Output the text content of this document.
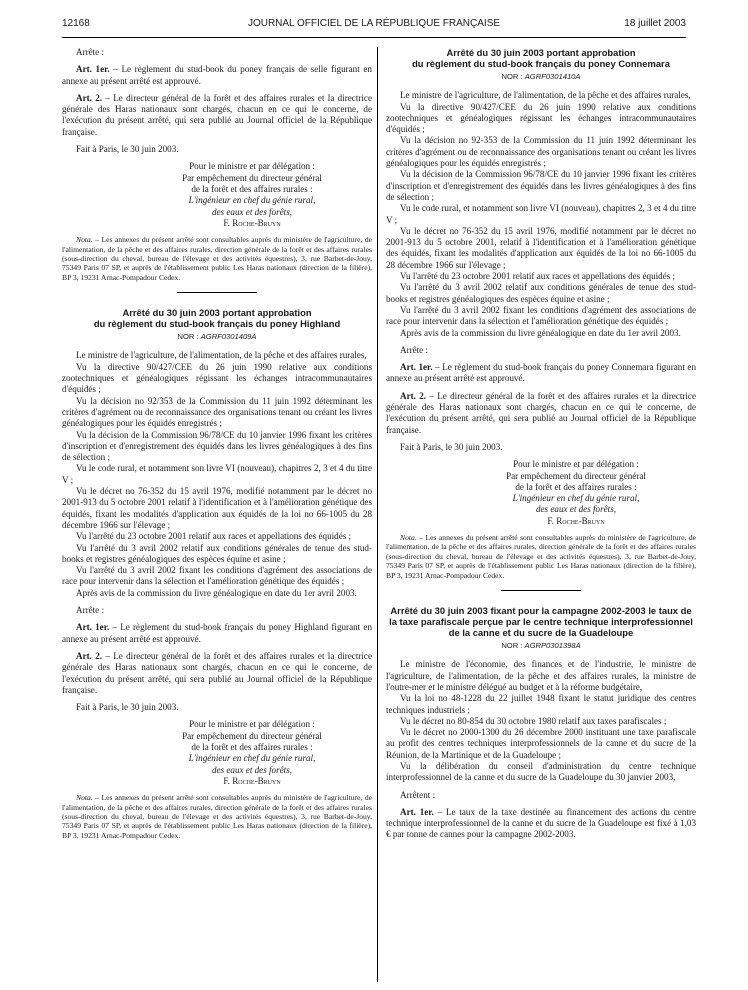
12168	JOURNAL OFFICIEL DE LA RÉPUBLIQUE FRANÇAISE	18 juillet 2003

Arrête :

Art. 1er. – Le règlement du stud-book du poney français de selle figurant en annexe au présent arrêté est approuvé.

Art. 2. – Le directeur général de la forêt et des affaires rurales et la directrice générale des Haras nationaux sont chargés, chacun en ce qui le concerne, de l'exécution du présent arrêté, qui sera publié au Journal officiel de la République française.

Fait à Paris, le 30 juin 2003.

Pour le ministre et par délégation :

Par empêchement du directeur général

de la forêt et des affaires rurales :

L'ingénieur en chef du génie rural,

des eaux et des forêts,

F. Roche-Bruyn

Nota. – Les annexes du présent arrêté sont consultables auprès du ministère de l'agriculture, de l'alimentation, de la pêche et des affaires rurales, direction générale de la forêt et des affaires rurales (sous-direction du cheval, bureau de l'élevage et des activités équestres), 3, rue Barbet-de-Jouy, 75349 Paris 07 SP, et auprès de l'établissement public Les Haras nationaux (direction de la filière), BP 3, 19231 Arnac-Pompadour Cedex.

Arrêté du 30 juin 2003 portant approbation

du règlement du stud-book français du poney Highland

NOR : AGRF0301409A

Le ministre de l'agriculture, de l'alimentation, de la pêche et des affaires rurales,

Vu la directive 90/427/CEE du 26 juin 1990 relative aux conditions zootechniques et généalogiques régissant les échanges intracommunautaires d'équidés ;

Vu la décision no 92/353 de la Commission du 11 juin 1992 déterminant les critères d'agrément ou de reconnaissance des organisations tenant ou créant les livres généalogiques pour les équidés enregistrés ;

Vu la décision de la Commission 96/78/CE du 10 janvier 1996 fixant les critères d'inscription et d'enregistrement des équidés dans les livres généalogiques à des fins de sélection ;

Vu le code rural, et notamment son livre VI (nouveau), chapitres 2, 3 et 4 du titre V ;

Vu le décret no 76-352 du 15 avril 1976, modifié notamment par le décret no 2001-913 du 5 octobre 2001 relatif à l'identification et à l'amélioration génétique des équidés, fixant les modalités d'application aux équidés de la loi no 66-1005 du 28 décembre 1966 sur l'élevage ;

Vu l'arrêté du 23 octobre 2001 relatif aux races et appellations des équidés ;

Vu l'arrêté du 3 avril 2002 relatif aux conditions générales de tenue des stud-books et registres généalogiques des espèces équine et asine ;

Vu l'arrêté du 3 avril 2002 fixant les conditions d'agrément des associations de race pour intervenir dans la sélection et l'amélioration génétique des équidés ;

Après avis de la commission du livre généalogique en date du 1er avril 2003.

Arrête :

Art. 1er. – Le règlement du stud-book français du poney Highland figurant en annexe au présent arrêté est approuvé.

Art. 2. – Le directeur général de la forêt et des affaires rurales et la directrice générale des Haras nationaux sont chargés, chacun en ce qui le concerne, de l'exécution du présent arrêté, qui sera publié au Journal officiel de la République française.

Fait à Paris, le 30 juin 2003.

Pour le ministre et par délégation :

Par empêchement du directeur général

de la forêt et des affaires rurales :

L'ingénieur en chef du génie rural,

des eaux et des forêts,

F. Roche-Bruyn

Nota. – Les annexes du présent arrêté sont consultables auprès du ministère de l'agriculture, de l'alimentation, de la pêche et des affaires rurales, direction générale de la forêt et des affaires rurales (sous-direction du cheval, bureau de l'élevage et des activités équestres), 3, rue Barbet-de-Jouy, 75349 Paris 07 SP, et auprès de l'établissement public Les Haras nationaux (direction de la filière), BP 3, 19231 Arnac-Pompadour Cedex.

Arrêté du 30 juin 2003 portant approbation

du règlement du stud-book français du poney Connemara

NOR : AGRF0301410A

Le ministre de l'agriculture, de l'alimentation, de la pêche et des affaires rurales,

Vu la directive 90/427/CEE du 26 juin 1990 relative aux conditions zootechniques et généalogiques régissant les échanges intracommunautaires d'équidés ;

Vu la décision no 92-353 de la Commission du 11 juin 1992 déterminant les critères d'agrément ou de reconnaissance des organisations tenant ou créant les livres généalogiques pour les équidés enregistrés ;

Vu la décision de la Commission 96/78/CE du 10 janvier 1996 fixant les critères d'inscription et d'enregistrement des équidés dans les livres généalogiques à des fins de sélection ;

Vu le code rural, et notamment son livre VI (nouveau), chapitres 2, 3 et 4 du titre V ;

Vu le décret no 76-352 du 15 avril 1976, modifié notamment par le décret no 2001-913 du 5 octobre 2001, relatif à l'identification et à l'amélioration génétique des équidés, fixant les modalités d'application aux équidés de la loi no 66-1005 du 28 décembre 1966 sur l'élevage ;

Vu l'arrêté du 23 octobre 2001 relatif aux races et appellations des équidés ;

Vu l'arrêté du 3 avril 2002 relatif aux conditions générales de tenue des stud-books et registres généalogiques des espèces équine et asine ;

Vu l'arrêté du 3 avril 2002 fixant les conditions d'agrément des associations de race pour intervenir dans la sélection et l'amélioration génétique des équidés ;

Après avis de la commission du livre généalogique en date du 1er avril 2003.

Arrête :

Art. 1er. – Le règlement du stud-book français du poney Connemara figurant en annexe au présent arrêté est approuvé.

Art. 2. – Le directeur général de la forêt et des affaires rurales et la directrice générale des Haras nationaux sont chargés, chacun en ce qui le concerne, de l'exécution du présent arrêté, qui sera publié au Journal officiel de la République française.

Fait à Paris, le 30 juin 2003.

Pour le ministre et par délégation :

Par empêchement du directeur général

de la forêt et des affaires rurales :

L'ingénieur en chef du génie rural,

des eaux et des forêts,

F. Roche-Bruyn

Nota. – Les annexes du présent arrêté sont consultables auprès du ministère de l'agriculture, de l'alimentation, de la pêche et des affaires rurales, direction générale de la forêt et des affaires rurales (sous-direction du cheval, bureau de l'élevage et des activités équestres), 3, rue Barbet-de-Jouy, 75349 Paris 07 SP, et auprès de l'établissement public Les Haras nationaux (direction de la filière), BP 3, 19231 Arnac-Pompadour Cedex.

Arrêté du 30 juin 2003 fixant pour la campagne 2002-2003 le taux de la taxe parafiscale perçue par le centre technique interprofessionnel de la canne et du sucre de la Guadeloupe

NOR : AGRP0301398A

Le ministre de l'économie, des finances et de l'industrie, le ministre de l'agriculture, de l'alimentation, de la pêche et des affaires rurales, la ministre de l'outre-mer et le ministre délégué au budget et à la réforme budgétaire,

Vu la loi no 48-1228 du 22 juillet 1948 fixant le statut juridique des centres techniques industriels ;

Vu le décret no 80-854 du 30 octobre 1980 relatif aux taxes parafiscales ;

Vu le décret no 2000-1300 du 26 décembre 2000 instituant une taxe parafiscale au profit des centres techniques interprofessionnels de la canne et du sucre de la Réunion, de la Martinique et de la Guadeloupe ;

Vu la délibération du conseil d'administration du centre technique interprofessionnel de la canne et du sucre de la Guadeloupe du 30 janvier 2003,

Arrêtent :

Art. 1er. – Le taux de la taxe destinée au financement des actions du centre technique interprofessionnel de la canne et du sucre de la Guadeloupe est fixé à 1,03 € par tonne de cannes pour la campagne 2002-2003.
